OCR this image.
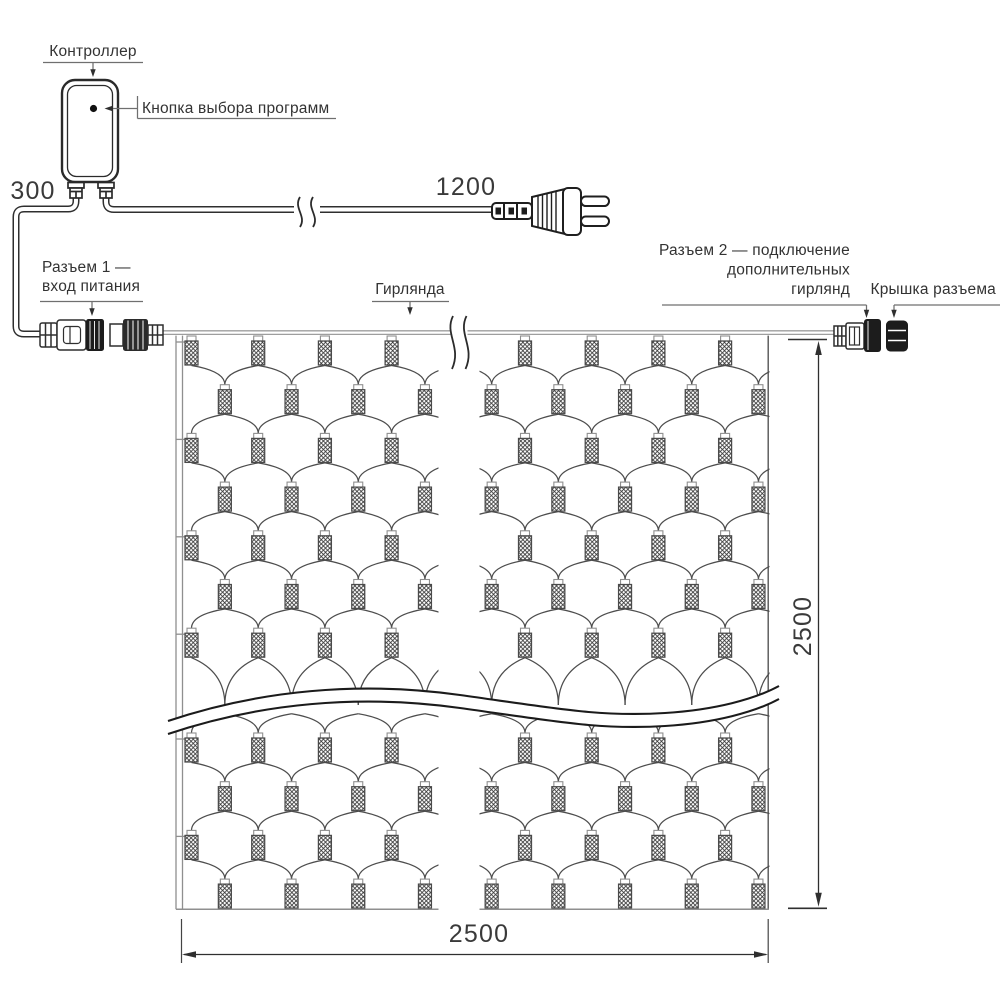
2500
2500
Контроллер
Кнопка выбора программ
300	1200
Разъем 1 —
вход питания	Гирлянда
Разъем 2 — подключение
дополнительных
гирлянд Крышка разъема
